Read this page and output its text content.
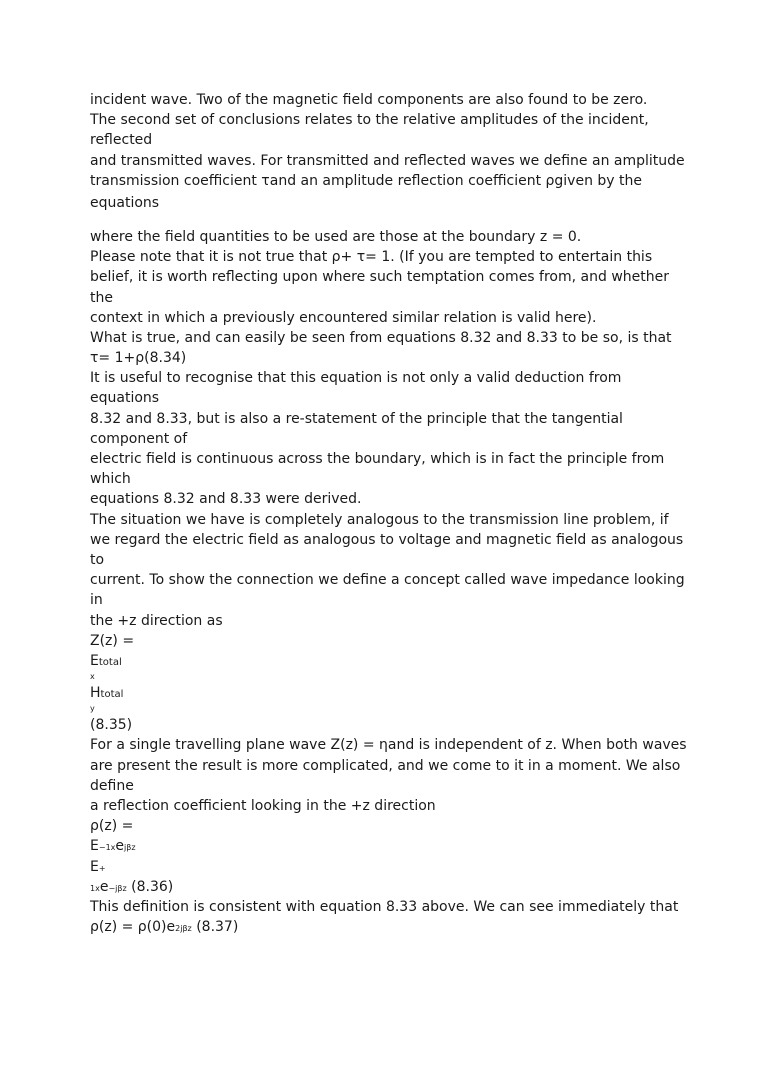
incident wave. Two of the magnetic field components are also found to be zero.
The second set of conclusions relates to the relative amplitudes of the incident,
reflected
and transmitted waves. For transmitted and reflected waves we define an amplitude
transmission coefficient τand an amplitude reflection coefficient ρgiven by the
equations
where the field quantities to be used are those at the boundary z = 0.
Please note that it is not true that ρ+ τ= 1. (If you are tempted to entertain this
belief, it is worth reflecting upon where such temptation comes from, and whether
the
context in which a previously encountered similar relation is valid here).
What is true, and can easily be seen from equations 8.32 and 8.33 to be so, is that
τ= 1+ρ(8.34)
It is useful to recognise that this equation is not only a valid deduction from
equations
8.32 and 8.33, but is also a re-statement of the principle that the tangential
component of
electric field is continuous across the boundary, which is in fact the principle from
which
equations 8.32 and 8.33 were derived.
The situation we have is completely analogous to the transmission line problem, if
we regard the electric field as analogous to voltage and magnetic field as analogous
to
current. To show the connection we define a concept called wave impedance looking
in
the +z direction as
Z(z) =
Etotal
x
Htotal
y
(8.35)
For a single travelling plane wave Z(z) = ηand is independent of z. When both waves
are present the result is more complicated, and we come to it in a moment. We also
define
a reflection coefficient looking in the +z direction
ρ(z) =
E−1xejβz
E+
1xe−jβz (8.36)
This definition is consistent with equation 8.33 above. We can see immediately that
ρ(z) = ρ(0)e2jβz (8.37)
